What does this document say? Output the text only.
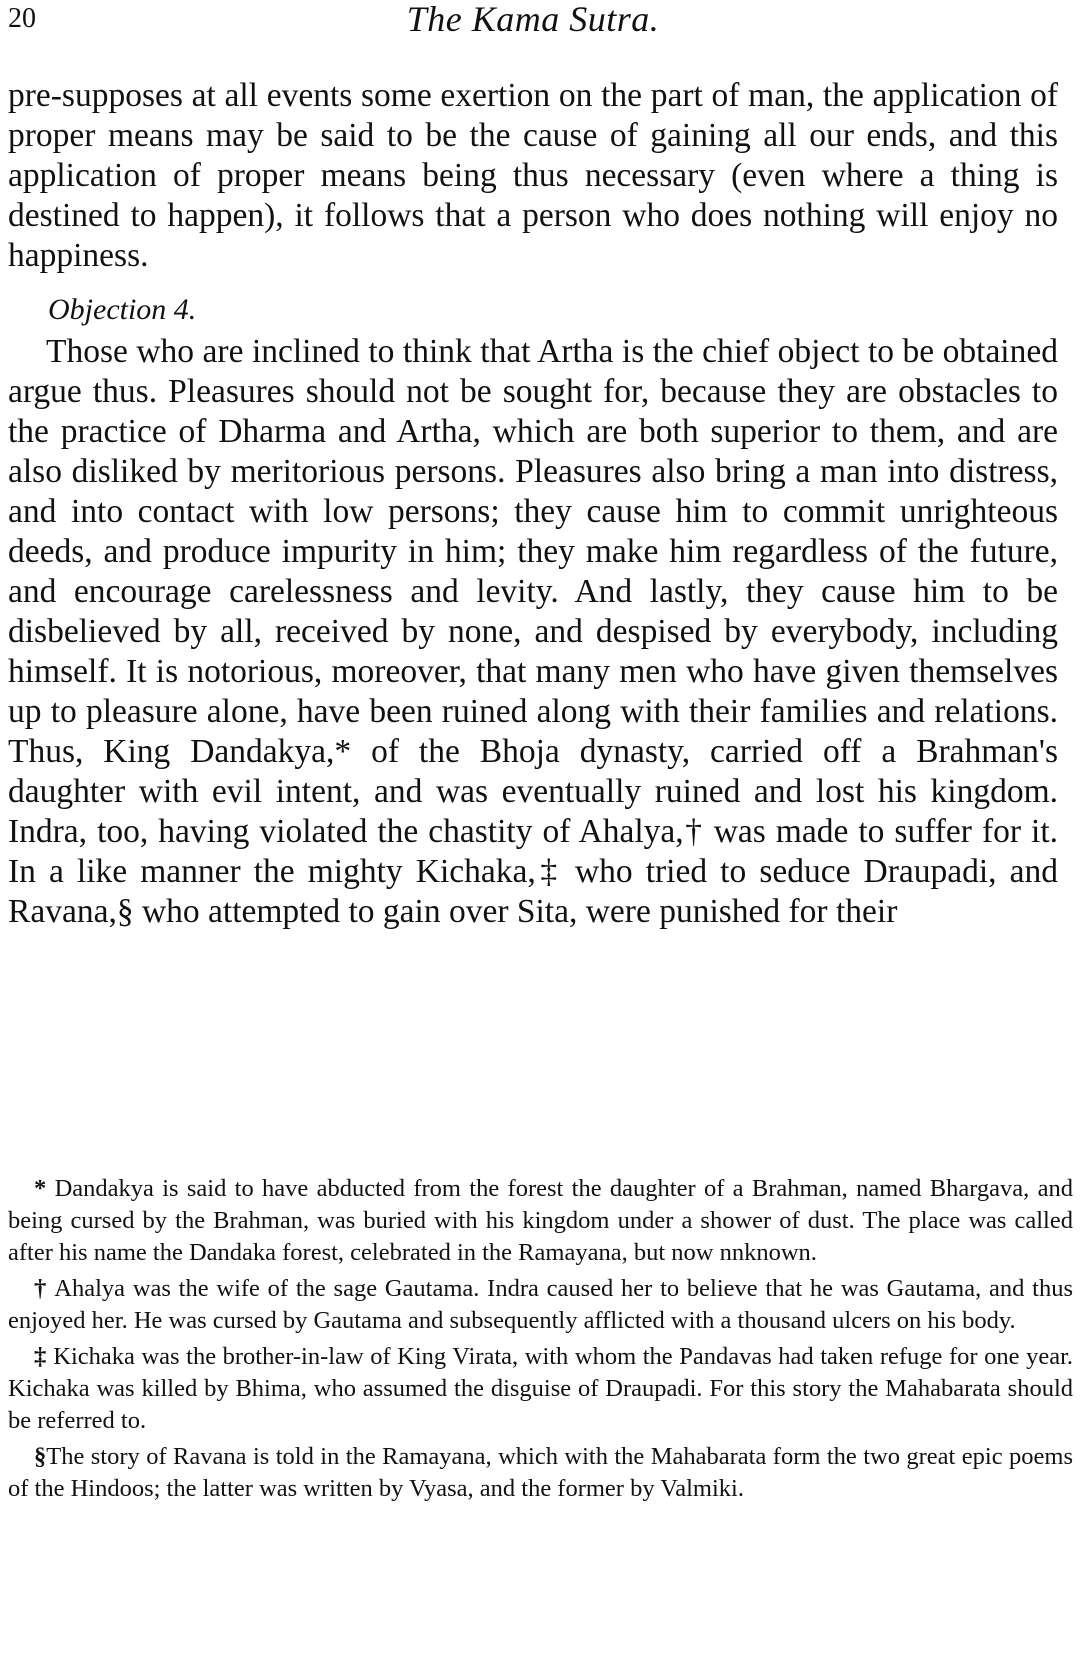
20	The Kama Sutra.

pre-supposes at all events some exertion on the part of man, the application of proper means may be said to be the cause of gaining all our ends, and this application of proper means being thus necessary (even where a thing is destined to happen), it follows that a person who does nothing will enjoy no happiness.

Objection 4.

Those who are inclined to think that Artha is the chief object to be obtained argue thus. Pleasures should not be sought for, because they are obstacles to the practice of Dharma and Artha, which are both superior to them, and are also disliked by meritorious persons. Pleasures also bring a man into distress, and into contact with low persons; they cause him to commit unrighteous deeds, and produce impurity in him; they make him regardless of the future, and encourage carelessness and levity. And lastly, they cause him to be disbelieved by all, received by none, and despised by everybody, including himself. It is notorious, moreover, that many men who have given themselves up to pleasure alone, have been ruined along with their families and relations. Thus, King Dandakya,* of the Bhoja dynasty, carried off a Brahman's daughter with evil intent, and was eventually ruined and lost his kingdom. Indra, too, having violated the chastity of Ahalya,† was made to suffer for it. In a like manner the mighty Kichaka,‡ who tried to seduce Draupadi, and Ravana,§ who attempted to gain over Sita, were punished for their

* Dandakya is said to have abducted from the forest the daughter of a Brahman, named Bhargava, and being cursed by the Brahman, was buried with his kingdom under a shower of dust. The place was called after his name the Dandaka forest, celebrated in the Ramayana, but now nnknown.

† Ahalya was the wife of the sage Gautama. Indra caused her to believe that he was Gautama, and thus enjoyed her. He was cursed by Gautama and subsequently afflicted with a thousand ulcers on his body.

‡ Kichaka was the brother-in-law of King Virata, with whom the Pandavas had taken refuge for one year. Kichaka was killed by Bhima, who assumed the disguise of Draupadi. For this story the Mahabarata should be referred to.

§The story of Ravana is told in the Ramayana, which with the Mahabarata form the two great epic poems of the Hindoos; the latter was written by Vyasa, and the former by Valmiki.
